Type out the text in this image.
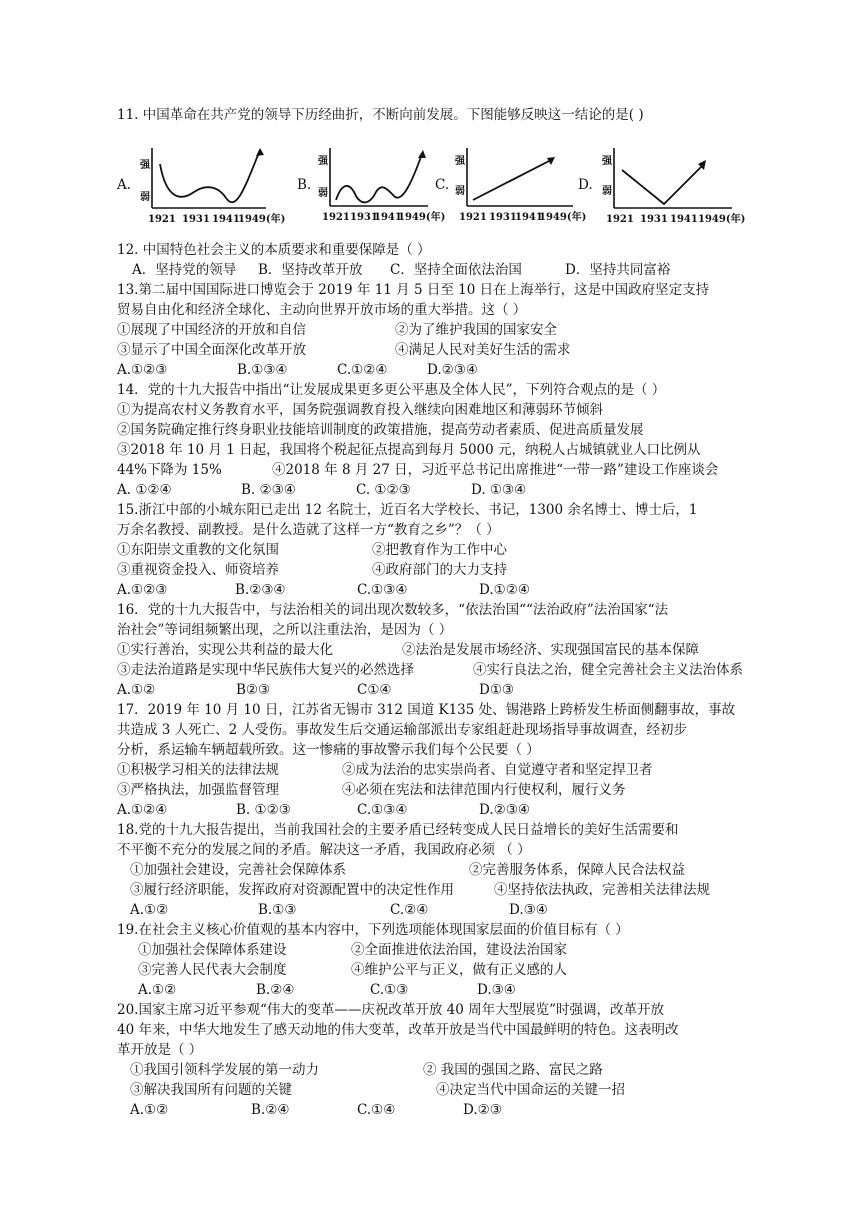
11. 中国革命在共产党的领导下历经曲折，不断向前发展。下图能够反映这一结论的是( )
A.
强
弱
1921 1931 1941
1949(年)
B.
强
弱
1921 1931
1941
1949(年)
C.
强
弱
1921 1931
1941
1949(年)
D.
强
弱
1921 1931 1941 1949(年)
12. 中国特色社会主义的本质要求和重要保障是（ ）
A．坚持党的领导 B．坚持改革开放 C．坚持全面依法治国	D．坚持共同富裕
13.第二届中国国际进口博览会于 2019 年 11 月 5 日至 10 日在上海举行，这是中国政府坚定支持
贸易自由化和经济全球化、主动向世界开放市场的重大举措。这（ ）
①展现了中国经济的开放和自信	②为了维护我国的国家安全
③显示了中国全面深化改革开放	④满足人民对美好生活的需求
A.①②③	B.①③④	C.①②④	D.②③④
14．党的十九大报告中指出“让发展成果更多更公平惠及全体人民”，下列符合观点的是（ ）
①为提高农村义务教育水平，国务院强调教育投入继续向困难地区和薄弱环节倾斜
②国务院确定推行终身职业技能培训制度的政策措施，提高劳动者素质、促进高质量发展
③2018 年 10 月 1 日起，我国将个税起征点提高到每月 5000 元，纳税人占城镇就业人口比例从
44%下降为 15%	④2018 年 8 月 27 日，习近平总书记出席推进“一带一路”建设工作座谈会
A. ①②④	B. ②③④	C. ①②③	D. ①③④
15.浙江中部的小城东阳已走出 12 名院士，近百名大学校长、书记，1300 余名博士、博士后，1
万余名教授、副教授。是什么造就了这样一方“教育之乡”？（ ）
①东阳崇文重教的文化氛围	②把教育作为工作中心
③重视资金投入、师资培养	④政府部门的大力支持
A.①②③	B.②③④	C.①③④	D.①②④
16．党的十九大报告中，与法治相关的词出现次数较多，“依法治国““法治政府”法治国家“法
治社会”等词组频繁出现，之所以注重法治，是因为（ ）
①实行善治，实现公共利益的最大化	②法治是发展市场经济、实现强国富民的基本保障
③走法治道路是实现中华民族伟大复兴的必然选择	④实行良法之治，健全完善社会主义法治体系
A.①②	B②③	C①④	D①③
17．2019 年 10 月 10 日，江苏省无锡市 312 国道 K135 处、锡港路上跨桥发生桥面侧翻事故，事故
共造成 3 人死亡、2 人受伤。事故发生后交通运输部派出专家组赶赴现场指导事故调查，经初步
分析，系运输车辆超载所致。这一惨痛的事故警示我们每个公民要（ ）
①积极学习相关的法律法规	②成为法治的忠实崇尚者、自觉遵守者和坚定捍卫者
③严格执法，加强监督管理	④必须在宪法和法律范围内行使权利，履行义务
A.①②④	B. ①②③	C.①③④	D.②③④
18.党的十九大报告提出，当前我国社会的主要矛盾已经转变成人民日益增长的美好生活需要和
不平衡不充分的发展之间的矛盾。解决这一矛盾，我国政府必须 （ ）
①加强社会建设，完善社会保障体系	②完善服务体系，保障人民合法权益
③履行经济职能，发挥政府对资源配置中的决定性作用	④坚持依法执政，完善相关法律法规
A.①②	B.①③	C.②④	D.③④
19.在社会主义核心价值观的基本内容中，下列选项能体现国家层面的价值目标有（ ）
①加强社会保障体系建设	②全面推进依法治国，建设法治国家
③完善人民代表大会制度	④维护公平与正义，做有正义感的人
A.①②	B.②④	C.①③	D.③④
20.国家主席习近平参观“伟大的变革——庆祝改革开放 40 周年大型展览”时强调，改革开放
40 年来，中华大地发生了感天动地的伟大变革，改革开放是当代中国最鲜明的特色。这表明改
革开放是（ ）
①我国引领科学发展的第一动力	② 我国的强国之路、富民之路
③解决我国所有问题的关键	④决定当代中国命运的关键一招
A.①②	B.②④	C.①④	D.②③
